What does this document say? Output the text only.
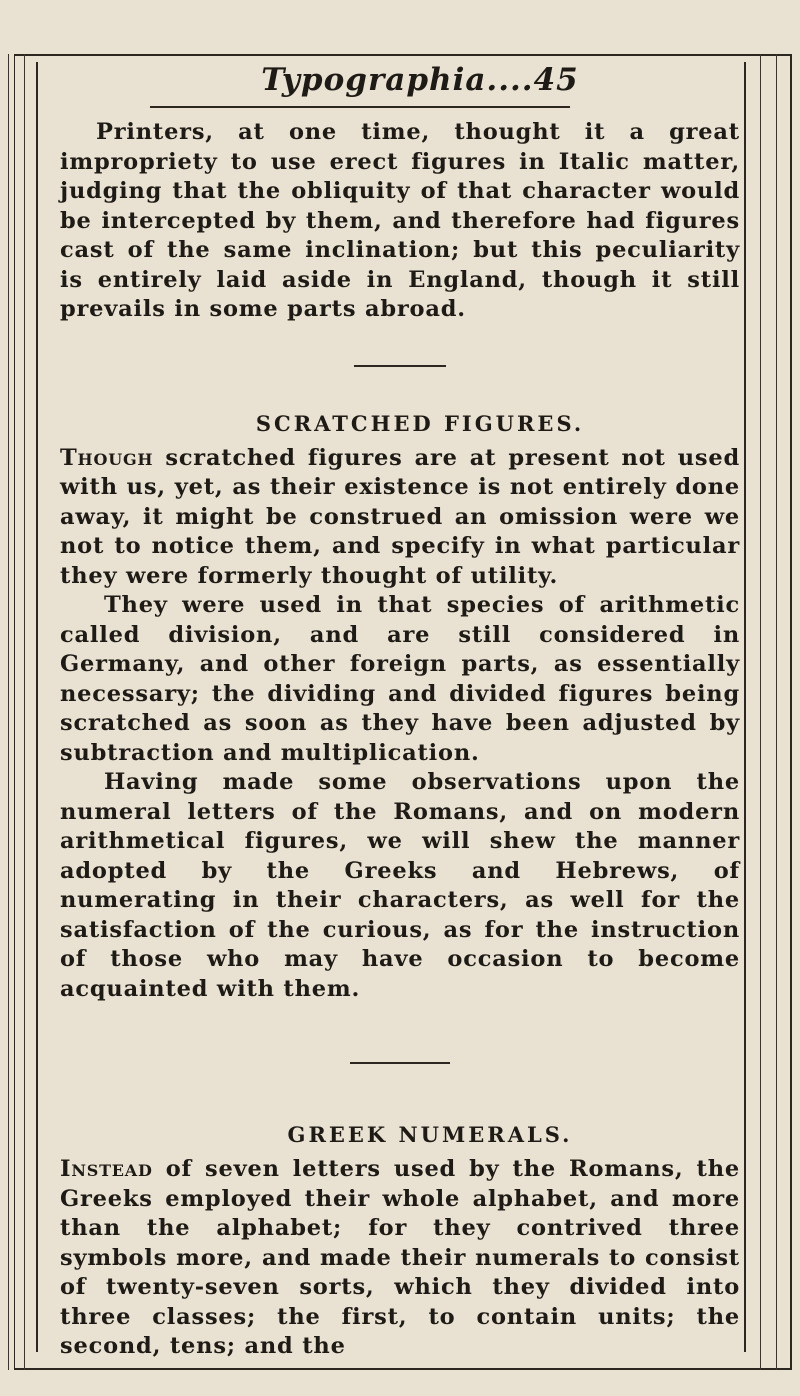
Typographia....45

Printers, at one time, thought it a great impropriety to use erect figures in Italic matter, judging that the obliquity of that character would be intercepted by them, and therefore had figures cast of the same inclination; but this peculiarity is entirely laid aside in England, though it still prevails in some parts abroad.

SCRATCHED FIGURES.

Though scratched figures are at present not used with us, yet, as their existence is not entirely done away, it might be construed an omission were we not to notice them, and specify in what particular they were formerly thought of utility.

They were used in that species of arithmetic called division, and are still considered in Germany, and other foreign parts, as essentially necessary; the dividing and divided figures being scratched as soon as they have been adjusted by subtraction and multiplication.

Having made some observations upon the numeral letters of the Romans, and on modern arithmetical figures, we will shew the manner adopted by the Greeks and Hebrews, of numerating in their characters, as well for the satisfaction of the curious, as for the instruction of those who may have occasion to become acquainted with them.

GREEK NUMERALS.

Instead of seven letters used by the Romans, the Greeks employed their whole alphabet, and more than the alphabet; for they contrived three symbols more, and made their numerals to consist of twenty-seven sorts, which they divided into three classes; the first, to contain units; the second, tens; and the
